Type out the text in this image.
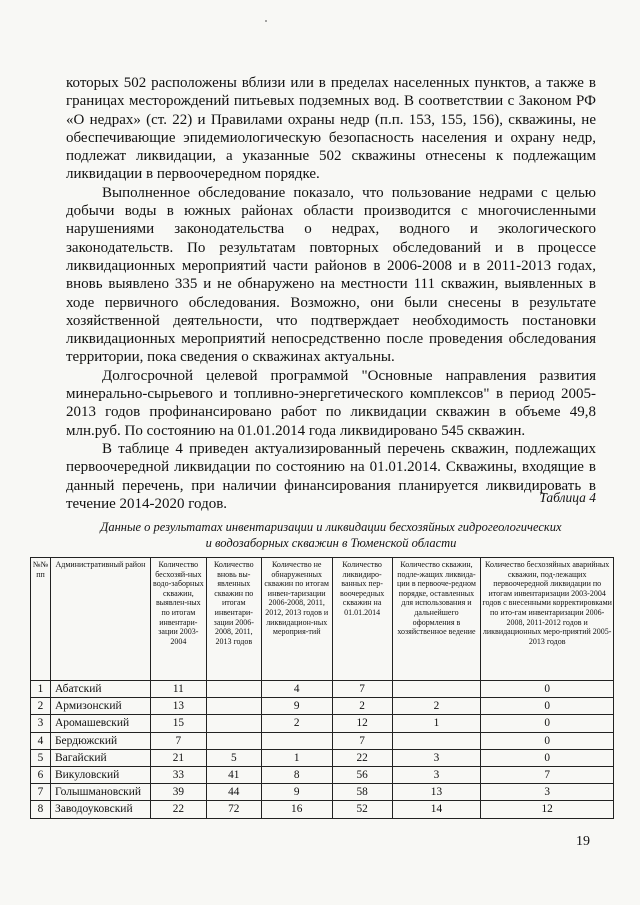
которых 502 расположены вблизи или в пределах населенных пунктов, а также в границах месторождений питьевых подземных вод. В соответствии с Законом РФ «О недрах» (ст. 22) и Правилами охраны недр (п.п. 153, 155, 156), скважины, не обеспечивающие эпидемиологическую безопасность населения и охрану недр, подлежат ликвидации, а указанные 502 скважины отнесены к подлежащим ликвидации в первоочередном порядке.

Выполненное обследование показало, что пользование недрами с целью добычи воды в южных районах области производится с многочисленными нарушениями законодательства о недрах, водного и экологического законодательств. По результатам повторных обследований и в процессе ликвидационных мероприятий части районов в 2006-2008 и в 2011-2013 годах, вновь выявлено 335 и не обнаружено на местности 111 скважин, выявленных в ходе первичного обследования. Возможно, они были снесены в результате хозяйственной деятельности, что подтверждает необходимость постановки ликвидационных мероприятий непосредственно после проведения обследования территории, пока сведения о скважинах актуальны.

Долгосрочной целевой программой "Основные направления развития минерально-сырьевого и топливно-энергетического комплексов" в период 2005-2013 годов профинансировано работ по ликвидации скважин в объеме 49,8 млн.руб. По состоянию на 01.01.2014 года ликвидировано 545 скважин.

В таблице 4 приведен актуализированный перечень скважин, подлежащих первоочередной ликвидации по состоянию на 01.01.2014. Скважины, входящие в данный перечень, при наличии финансирования планируется ликвидировать в течение 2014-2020 годов.	Таблица 4
Данные о результатах инвентаризации и ликвидации бесхозяйных гидрогеологических
и водозаборных скважин в Тюменской области
№№ пп	Административный район	Количество бесхозяй-ных водо-заборных скважин, выявлен-ных по итогам инвентари-зации 2003-2004	Количество вновь вы-явленных скважин по итогам инвентари-зации 2006-2008, 2011, 2013 годов	Количество не обнаруженных скважин по итогам инвен-таризации 2006-2008, 2011, 2012, 2013 годов и ликвидацион-ных мероприя-тий	Количество ликвидиро-ванных пер-воочередных скважин на 01.01.2014	Количество скважин, подле-жащих ликвида-ции в первооче-редном порядке, оставленных для использования и дальнейшего оформления в хозяйственное ведение	Количество бесхозяйных аварийных скважин, под-лежащих первоочередной ликвидации по итогам инвентаризации 2003-2004 годов с внесенными корректировками по ито-гам инвентаризации 2006-2008, 2011-2012 годов и ликвидационных меро-приятий 2005-2013 годов
1	Абатский	11		4	7		0
2	Армизонский	13		9	2	2	0
3	Аромашевский	15		2	12	1	0
4	Бердюжский	7			7		0
5	Вагайский	21	5	1	22	3	0
6	Викуловский	33	41	8	56	3	7
7	Голышмановский	39	44	9	58	13	3
8	Заводоуковский	22	72	16	52	14	12
19
